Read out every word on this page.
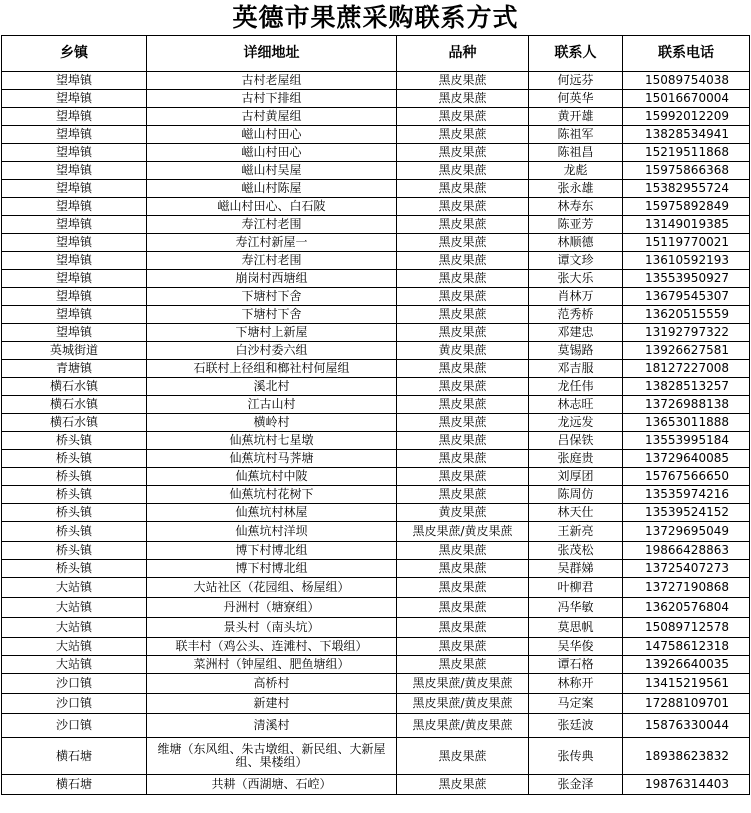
英德市果蔗采购联系方式
乡镇	详细地址	品种	联系人	联系电话
望埠镇	古村老屋组	黑皮果蔗	何远芬	15089754038
望埠镇	古村下排组	黑皮果蔗	何英华	15016670004
望埠镇	古村黄屋组	黑皮果蔗	黄开雄	15992012209
望埠镇	嵫山村田心	黑皮果蔗	陈祖军	13828534941
望埠镇	嵫山村田心	黑皮果蔗	陈祖昌	15219511868
望埠镇	嵫山村吴屋	黑皮果蔗	龙彪	15975866368
望埠镇	嵫山村陈屋	黑皮果蔗	张永雄	15382955724
望埠镇	嵫山村田心、白石陂	黑皮果蔗	林寿东	15975892849
望埠镇	寿江村老围	黑皮果蔗	陈亚芳	13149019385
望埠镇	寿江村新屋一	黑皮果蔗	林顺德	15119770021
望埠镇	寿江村老围	黑皮果蔗	谭文珍	13610592193
望埠镇	崩岗村西塘组	黑皮果蔗	张大乐	13553950927
望埠镇	下塘村下舍	黑皮果蔗	肖林万	13679545307
望埠镇	下塘村下舍	黑皮果蔗	范秀桥	13620515559
望埠镇	下塘村上新屋	黑皮果蔗	邓建忠	13192797322
英城街道	白沙村委六组	黄皮果蔗	莫锡路	13926627581
青塘镇	石联村上径组和榔社村何屋组	黑皮果蔗	邓吉服	18127227008
横石水镇	溪北村	黑皮果蔗	龙任伟	13828513257
横石水镇	江古山村	黑皮果蔗	林志旺	13726988138
横石水镇	横岭村	黑皮果蔗	龙远发	13653011888
桥头镇	仙蕉坑村七星墩	黑皮果蔗	吕保铁	13553995184
桥头镇	仙蕉坑村马荠塘	黑皮果蔗	张庭贵	13729640085
桥头镇	仙蕉坑村中陂	黑皮果蔗	刘厚团	15767566650
桥头镇	仙蕉坑村花树下	黑皮果蔗	陈周仿	13535974216
桥头镇	仙蕉坑村林屋	黄皮果蔗	林天仕	13539524152
桥头镇	仙蕉坑村洋坝	黑皮果蔗/黄皮果蔗	王新亮	13729695049
桥头镇	博下村博北组	黑皮果蔗	张茂松	19866428863
桥头镇	博下村博北组	黑皮果蔗	吴群娣	13725407273
大站镇	大站社区（花园组、杨屋组）	黑皮果蔗	叶柳君	13727190868
大站镇	丹洲村（塘寮组）	黑皮果蔗	冯华敏	13620576804
大站镇	景头村（南头坑）	黑皮果蔗	莫思帆	15089712578
大站镇	联丰村（鸡公头、连滩村、下塅组）	黑皮果蔗	吴华俊	14758612318
大站镇	菜洲村（钟屋组、肥鱼塘组）	黑皮果蔗	谭石格	13926640035
沙口镇	高桥村	黑皮果蔗/黄皮果蔗	林称开	13415219561
沙口镇	新建村	黑皮果蔗/黄皮果蔗	马定案	17288109701
沙口镇	清溪村	黑皮果蔗/黄皮果蔗	张廷波	15876330044
横石塘	维塘（东风组、朱古墩组、新民组、大新屋组、果楼组）	黑皮果蔗	张传典	18938623832
横石塘	共耕（西湖塘、石崆）	黑皮果蔗	张金泽	19876314403
